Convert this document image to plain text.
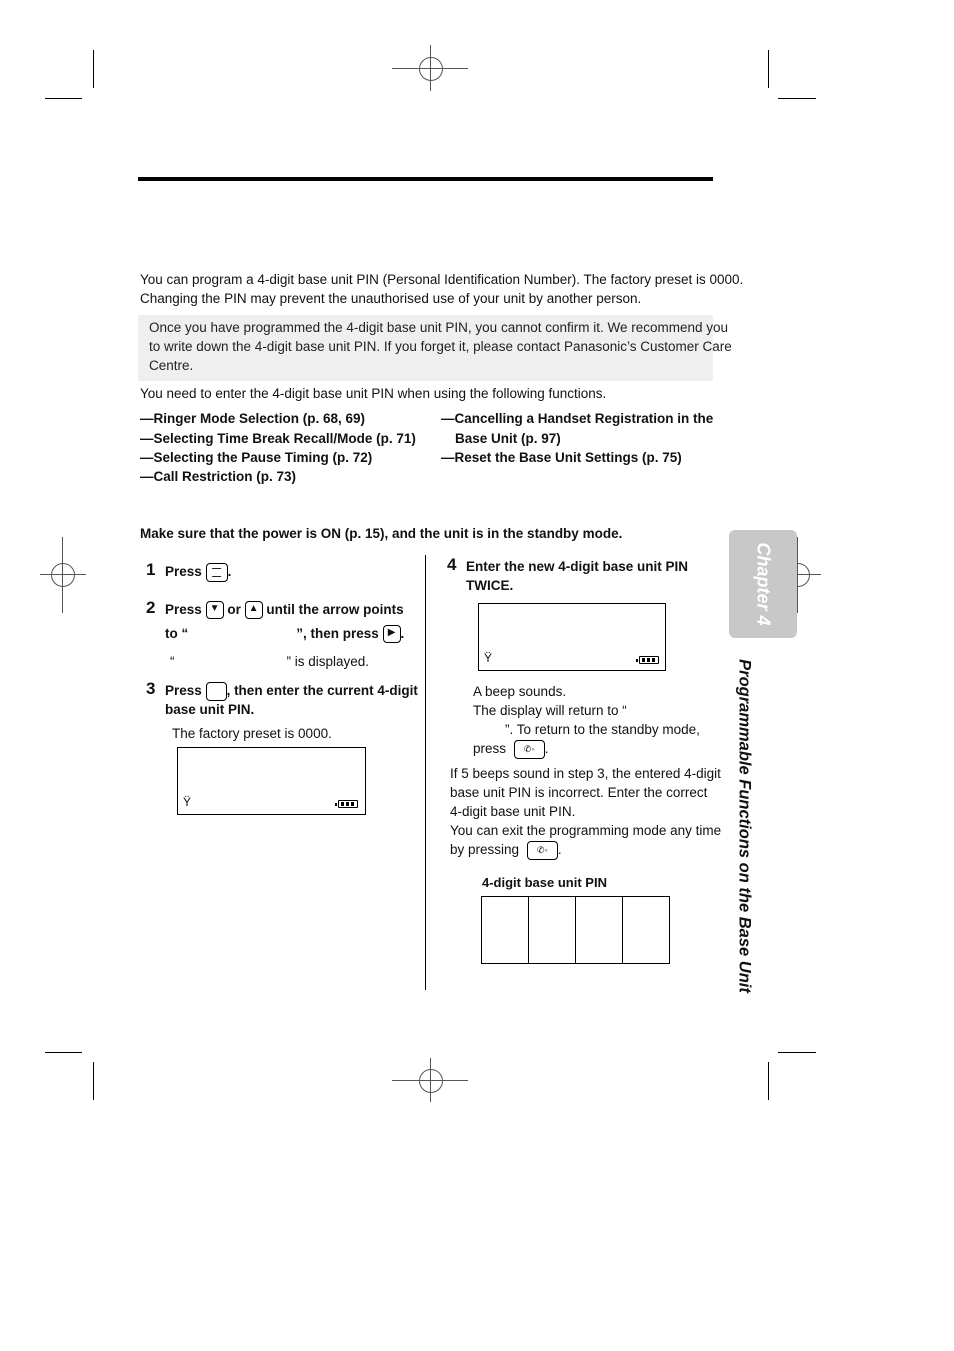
You can program a 4-digit base unit PIN (Personal Identification Number). The factory preset is 0000.
Changing the PIN may prevent the unauthorised use of your unit by another person.
Once you have programmed the 4-digit base unit PIN, you cannot confirm it. We recommend you
to write down the 4-digit base unit PIN. If you forget it, please contact Panasonic’s Customer Care
Centre.
You need to enter the 4-digit base unit PIN when using the following functions.
—Ringer Mode Selection (p. 68, 69)
—Selecting Time Break Recall/Mode (p. 71)
—Selecting the Pause Timing (p. 72)
—Call Restriction (p. 73)
—Cancelling a Handset Registration in the
Base Unit (p. 97)
—Reset the Base Unit Settings (p. 75)
Make sure that the power is ON (p. 15), and the unit is in the standby mode.
1 Press —
— .
2 Press ▼ or ▲ until the arrow points
to “	”, then press ▶ .
“	” is displayed.
3 Press , then enter the current 4-digit
base unit PIN.
The factory preset is 0000.
Ÿ
4 Enter the new 4-digit base unit PIN
TWICE.
Ÿ
A beep sounds.
The display will return to “
”. To return to the standby mode,
press ✆◦ .
If 5 beeps sound in step 3, the entered 4-digit
base unit PIN is incorrect. Enter the correct
4-digit base unit PIN.
You can exit the programming mode any time
by pressing ✆◦ .
4-digit base unit PIN

Chapter 4
Programmable Functions on the Base Unit
